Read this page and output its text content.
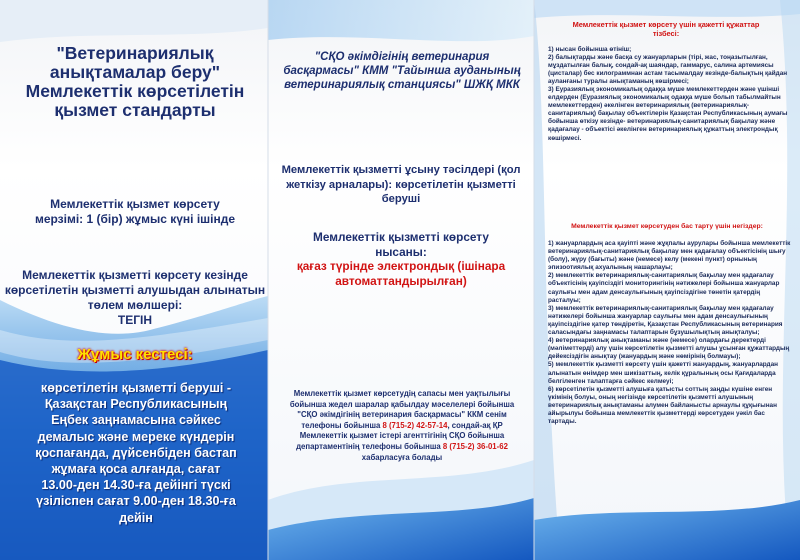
"Ветеринариялық анықтамалар беру" Мемлекеттік көрсетілетін қызмет стандарты

Мемлекеттік қызмет көрсету мерзімі: 1 (бір) жұмыс күні ішінде

Мемлекеттік қызметті көрсету кезінде көрсетілетін қызметті алушыдан алынатын төлем мөлшері:
ТЕГІН

Жұмыс кестесі:

көрсетілетін қызметті беруші - Қазақстан Республикасының Еңбек заңнамасына сәйкес демалыс және мереке күндерін қоспағанда, дүйсенбіден бастап жұмаға қоса алғанда, сағат 13.00-ден 14.30-ға дейінгі түскі үзіліспен сағат 9.00-ден 18.30-ға дейін

"СҚО әкімдігінің ветеринария басқармасы" КММ "Тайынша ауданының ветеринариялық станциясы" ШЖҚ МКК

Мемлекеттік қызметті ұсыну тәсілдері (қол жеткізу арналары): көрсетілетін қызметті беруші

Мемлекеттік қызметті көрсету нысаны:
қағаз түрінде электрондық (ішінара автоматтандырылған)

Мемлекеттік қызмет көрсетудің сапасы мен уақтылығы бойынша жедел шаралар қабылдау мәселелері бойынша "СҚО әкімдігінің ветеринария басқармасы" ККМ сенім телефоны бойынша 8 (715-2) 42-57-14, сондай-ақ ҚР Мемлекеттік қызмет істері агенттігінің СҚО бойынша департаментінің телефоны бойынша 8 (715-2) 36-01-62
хабарласуға болады

Мемлекеттік қызмет көрсету үшін қажетті құжаттар тізбесі:

1) нысан бойынша өтініш;

2) балықтарды және басқа су жануарларын (тірі, жас, тоңазытылған, мұздатылған балық, сондай-ақ шаяндар, гаммарус, салина артемиясы (цисталар) бес килограммнан астам тасымалдау кезінде-балықтың қайдан ауланғаны туралы анықтаманың көшірмесі;

3) Еуразиялық экономикалық одаққа мүше мемлекеттерден және үшінші елдерден (Еуразиялық экономикалық одаққа мүше болып табылмайтын мемлекеттерден) әкелінген ветеринариялық (ветеринариялық-санитариялық) бақылау объектілерін Қазақстан Республикасының аумағы бойынша өткізу кезінде- ветеринариялық-санитариялық бақылау және қадағалау - объектісі әкелінген ветеринариялық құжаттың электрондық көшірмесі.

Мемлекеттік қызмет көрсетуден бас тарту үшін негіздер:

1) жануарлардың аса қауіпті және жұқпалы аурулары бойынша мемлекеттік ветеринариялық-санитариялық бақылау мен қадағалау объектісінің шығу (болу), жүру (бағыты) және (немесе) келу (мекені пункт) орнының эпизоотиялық ахуалының нашарлауы;

2) мемлекеттік ветеринариялық-санитариялық бақылау мен қадағалау объектісінің қауіпсіздігі мониторингінің нәтижелері бойынша жануарлар саулығы мен адам денсаулығының қауіпсіздігіне төнетін қатердің расталуы;

3) мемлекеттік ветеринариялық-санитариялық бақылау мен қадағалау нәтижелері бойынша жануарлар саулығы мен адам денсаулығының қауіпсіздігіне қатер төндіретін, Қазақстан Республикасының ветеринария саласындағы заңнамасы талаптарын бұзушылықтың анықталуы;

4) ветеринариялық анықтаманы және (немесе) олардағы деректерді (мәліметтерді) алу үшін көрсетілетін қызметті алушы ұсынған құжаттардың дейексіздігін анықтау (жануардың және нөмірінің болмауы);

5) мемлекеттік қызметті көрсету үшін қажетті жануардың, жануарлардан алынатын өнімдер мен шикізаттың, келік құралының осы Қағидаларда белгіленген талаптарға сәйкес келмеуі;

6) көрсетілетін қызметті алушыға қатысты соттың заңды күшіне енген үкімінің болуы, оның негізінде көрсетілетін қызметті алушының ветеринариялық анықтаманы алумен байланысты арнаулы құқығынан айырылуы бойынша мемлекеттік қызметтерді көрсетуден уәкіл бас тартады.
